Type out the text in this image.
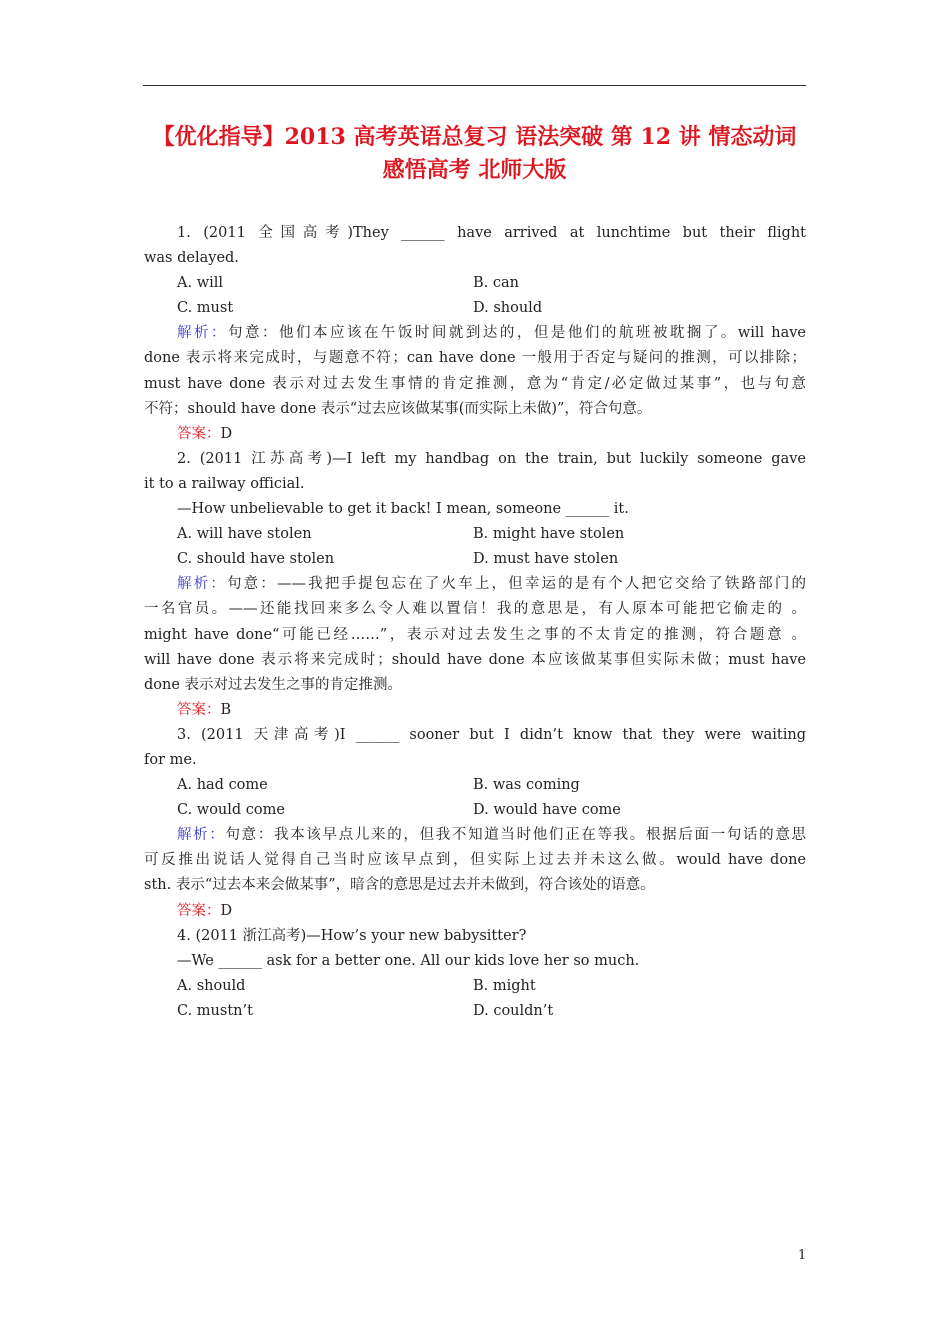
【优化指导】2013 高考英语总复习 语法突破 第 12 讲 情态动词
感悟高考 北师大版
1. (2011 全国高考)They ______ have arrived at lunchtime but their flight
was delayed.
A. will	B. can
C. must	D. should
解析：句意：他们本应该在午饭时间就到达的，但是他们的航班被耽搁了。will have
done 表示将来完成时，与题意不符；can have done 一般用于否定与疑问的推测，可以排除；
must have done 表示对过去发生事情的肯定推测，意为“肯定/必定做过某事”，也与句意
不符；should have done 表示“过去应该做某事(而实际上未做)”，符合句意。
答案：D
2. (2011 江苏高考)—I left my handbag on the train, but luckily someone gave
it to a railway official.
—How unbelievable to get it back! I mean, someone ______ it.
A. will have stolen	B. might have stolen
C. should have stolen	D. must have stolen
解析：句意：——我把手提包忘在了火车上，但幸运的是有个人把它交给了铁路部门的
一名官员。——还能找回来多么令人难以置信！我的意思是，有人原本可能把它偷走的 。
might have done“可能已经……”，表示对过去发生之事的不太肯定的推测，符合题意 。
will have done 表示将来完成时；should have done 本应该做某事但实际未做；must have
done 表示对过去发生之事的肯定推测。
答案：B
3. (2011 天津高考)I ______ sooner but I didn’t know that they were waiting
for me.
A. had come	B. was coming
C. would come	D. would have come
解析：句意：我本该早点儿来的，但我不知道当时他们正在等我。根据后面一句话的意思
可反推出说话人觉得自己当时应该早点到，但实际上过去并未这么做。would have done
sth. 表示“过去本来会做某事”，暗含的意思是过去并未做到，符合该处的语意。
答案：D
4. (2011 浙江高考)—How’s your new babysitter?
—We ______ ask for a better one. All our kids love her so much.
A. should	B. might
C. mustn’t	D. couldn’t
1
